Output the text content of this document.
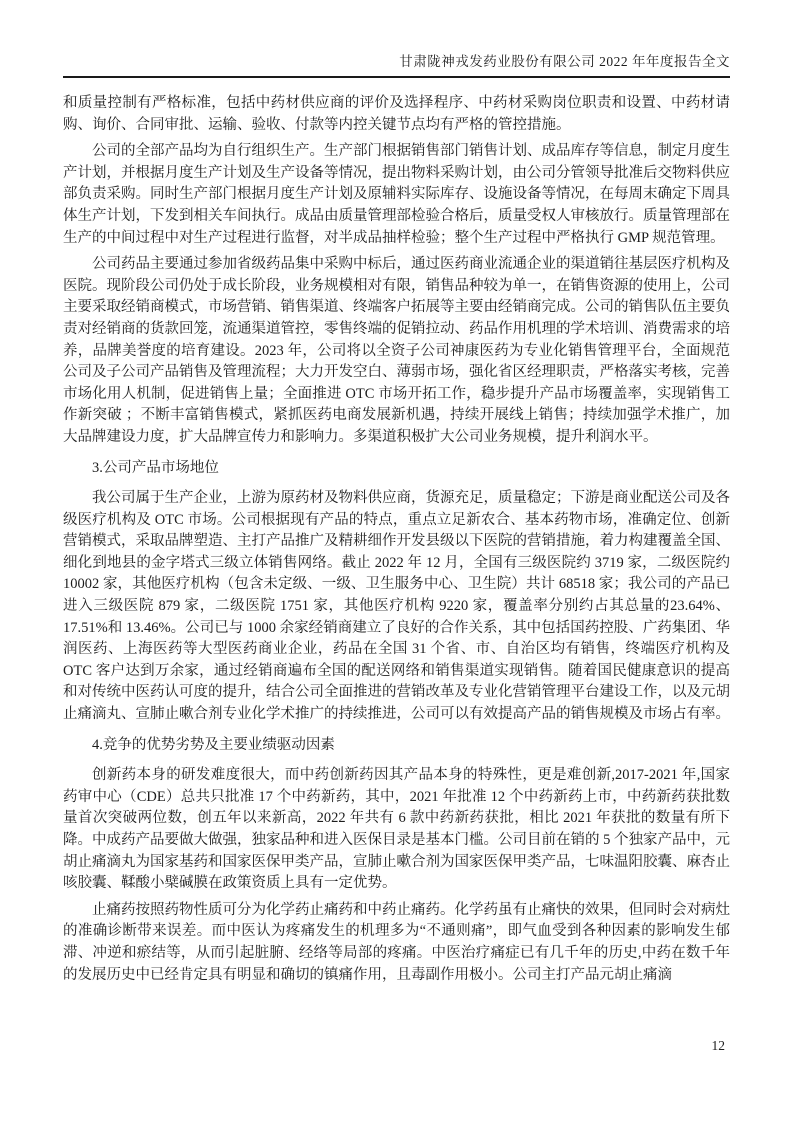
甘肃陇神戎发药业股份有限公司 2022 年年度报告全文

和质量控制有严格标准，包括中药材供应商的评价及选择程序、中药材采购岗位职责和设置、中药材请购、询价、合同审批、运输、验收、付款等内控关键节点均有严格的管控措施。

公司的全部产品均为自行组织生产。生产部门根据销售部门销售计划、成品库存等信息，制定月度生产计划，并根据月度生产计划及生产设备等情况，提出物料采购计划，由公司分管领导批准后交物料供应部负责采购。同时生产部门根据月度生产计划及原辅料实际库存、设施设备等情况，在每周末确定下周具体生产计划，下发到相关车间执行。成品由质量管理部检验合格后，质量受权人审核放行。质量管理部在生产的中间过程中对生产过程进行监督，对半成品抽样检验；整个生产过程中严格执行 GMP 规范管理。

公司药品主要通过参加省级药品集中采购中标后，通过医药商业流通企业的渠道销往基层医疗机构及医院。现阶段公司仍处于成长阶段，业务规模相对有限，销售品种较为单一，在销售资源的使用上，公司主要采取经销商模式，市场营销、销售渠道、终端客户拓展等主要由经销商完成。公司的销售队伍主要负责对经销商的货款回笼，流通渠道管控，零售终端的促销拉动、药品作用机理的学术培训、消费需求的培养，品牌美誉度的培育建设。2023 年，公司将以全资子公司神康医药为专业化销售管理平台，全面规范公司及子公司产品销售及管理流程；大力开发空白、薄弱市场，强化省区经理职责，严格落实考核，完善市场化用人机制，促进销售上量；全面推进 OTC 市场开拓工作，稳步提升产品市场覆盖率，实现销售工作新突破 ；不断丰富销售模式，紧抓医药电商发展新机遇，持续开展线上销售；持续加强学术推广，加大品牌建设力度，扩大品牌宣传力和影响力。多渠道积极扩大公司业务规模，提升利润水平。

3.公司产品市场地位

我公司属于生产企业，上游为原药材及物料供应商，货源充足，质量稳定；下游是商业配送公司及各级医疗机构及 OTC 市场。公司根据现有产品的特点，重点立足新农合、基本药物市场，准确定位、创新营销模式，采取品牌塑造、主打产品推广及精耕细作开发县级以下医院的营销措施，着力构建覆盖全国、细化到地县的金字塔式三级立体销售网络。截止 2022 年 12 月，全国有三级医院约 3719 家，二级医院约 10002 家，其他医疗机构（包含未定级、一级、卫生服务中心、卫生院）共计 68518 家；我公司的产品已进入三级医院 879 家，二级医院 1751 家，其他医疗机构 9220 家，覆盖率分别约占其总量的23.64%、17.51%和 13.46%。公司已与 1000 余家经销商建立了良好的合作关系，其中包括国药控股、广药集团、华润医药、上海医药等大型医药商业企业，药品在全国 31 个省、市、自治区均有销售，终端医疗机构及 OTC 客户达到万余家，通过经销商遍布全国的配送网络和销售渠道实现销售。随着国民健康意识的提高和对传统中医药认可度的提升，结合公司全面推进的营销改革及专业化营销管理平台建设工作，以及元胡止痛滴丸、宣肺止嗽合剂专业化学术推广的持续推进，公司可以有效提高产品的销售规模及市场占有率。

4.竞争的优势劣势及主要业绩驱动因素

创新药本身的研发难度很大，而中药创新药因其产品本身的特殊性，更是难创新,2017-2021 年,国家药审中心（CDE）总共只批准 17 个中药新药，其中，2021 年批准 12 个中药新药上市，中药新药获批数量首次突破两位数，创五年以来新高，2022 年共有 6 款中药新药获批，相比 2021 年获批的数量有所下降。中成药产品要做大做强，独家品种和进入医保目录是基本门槛。公司目前在销的 5 个独家产品中，元胡止痛滴丸为国家基药和国家医保甲类产品，宣肺止嗽合剂为国家医保甲类产品，七味温阳胶囊、麻杏止咳胶囊、鞣酸小檗碱膜在政策资质上具有一定优势。

止痛药按照药物性质可分为化学药止痛药和中药止痛药。化学药虽有止痛快的效果，但同时会对病灶的准确诊断带来误差。而中医认为疼痛发生的机理多为“不通则痛”，即气血受到各种因素的影响发生郁滞、冲逆和瘀结等，从而引起脏腑、经络等局部的疼痛。中医治疗痛症已有几千年的历史,中药在数千年的发展历史中已经肯定具有明显和确切的镇痛作用，且毒副作用极小。公司主打产品元胡止痛滴

12
